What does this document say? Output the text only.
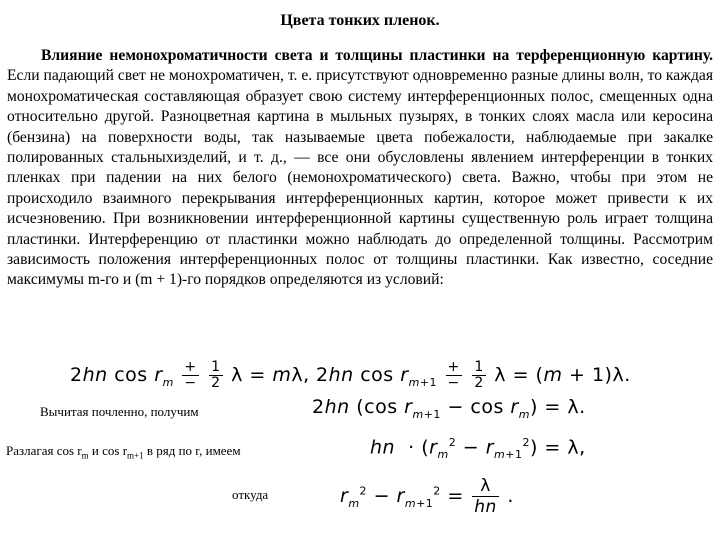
Цвета тонких пленок.
Влияние немонохроматичности света и толщины пластинки на терференционную картину. Если падающий свет не монохроматичен, т. е. присутствуют одновременно разные длины волн, то каждая монохроматическая составляющая образует свою систему интерференционных полос, смещенных одна относительно другой. Разноцветная картина в мыльных пузырях, в тонких слоях масла или керосина (бензина) на поверхности воды, так называемые цвета побежалости, наблюдаемые при закалке полированных стальныхизделий, и т. д., — все они обусловлены явлением интерференции в тонких пленках при падении на них белого (немонохроматического) света. Важно, чтобы при этом не происходило взаимного перекрывания интерференционных картин, которое может привести к их исчезновению. При возникновении интерференционной картины существенную роль играет толщина пластинки. Интерференцию от пластинки можно наблюдать до определенной толщины. Рассмотрим зависимость положения интерференционных полос от толщины пластинки. Как известно, соседние максимумы m-го и (m + 1)-го порядков определяются из условий:
2hn $\cos r_m \frac{+}{-}$
$\frac{1}{2}$ λ = mλ, 2hn $\cos r_{m+1} \frac{+}{-}$
$\frac{1}{2}$ λ = (m + 1)λ.
Вычитая почленно, получим	2hn (cos $r_{m+1} - \cos r_m) = \lambda$.
Разлагая $\cos r_m$ и $\cos r_{m+1}$ в ряд по r, имеем	hn  · $(r_m^2 - r_{m+1}^2) = \lambda$,
откуда	$r_m^2 - r_{m+1}^2 = \frac{\lambda}{hn}$ .
